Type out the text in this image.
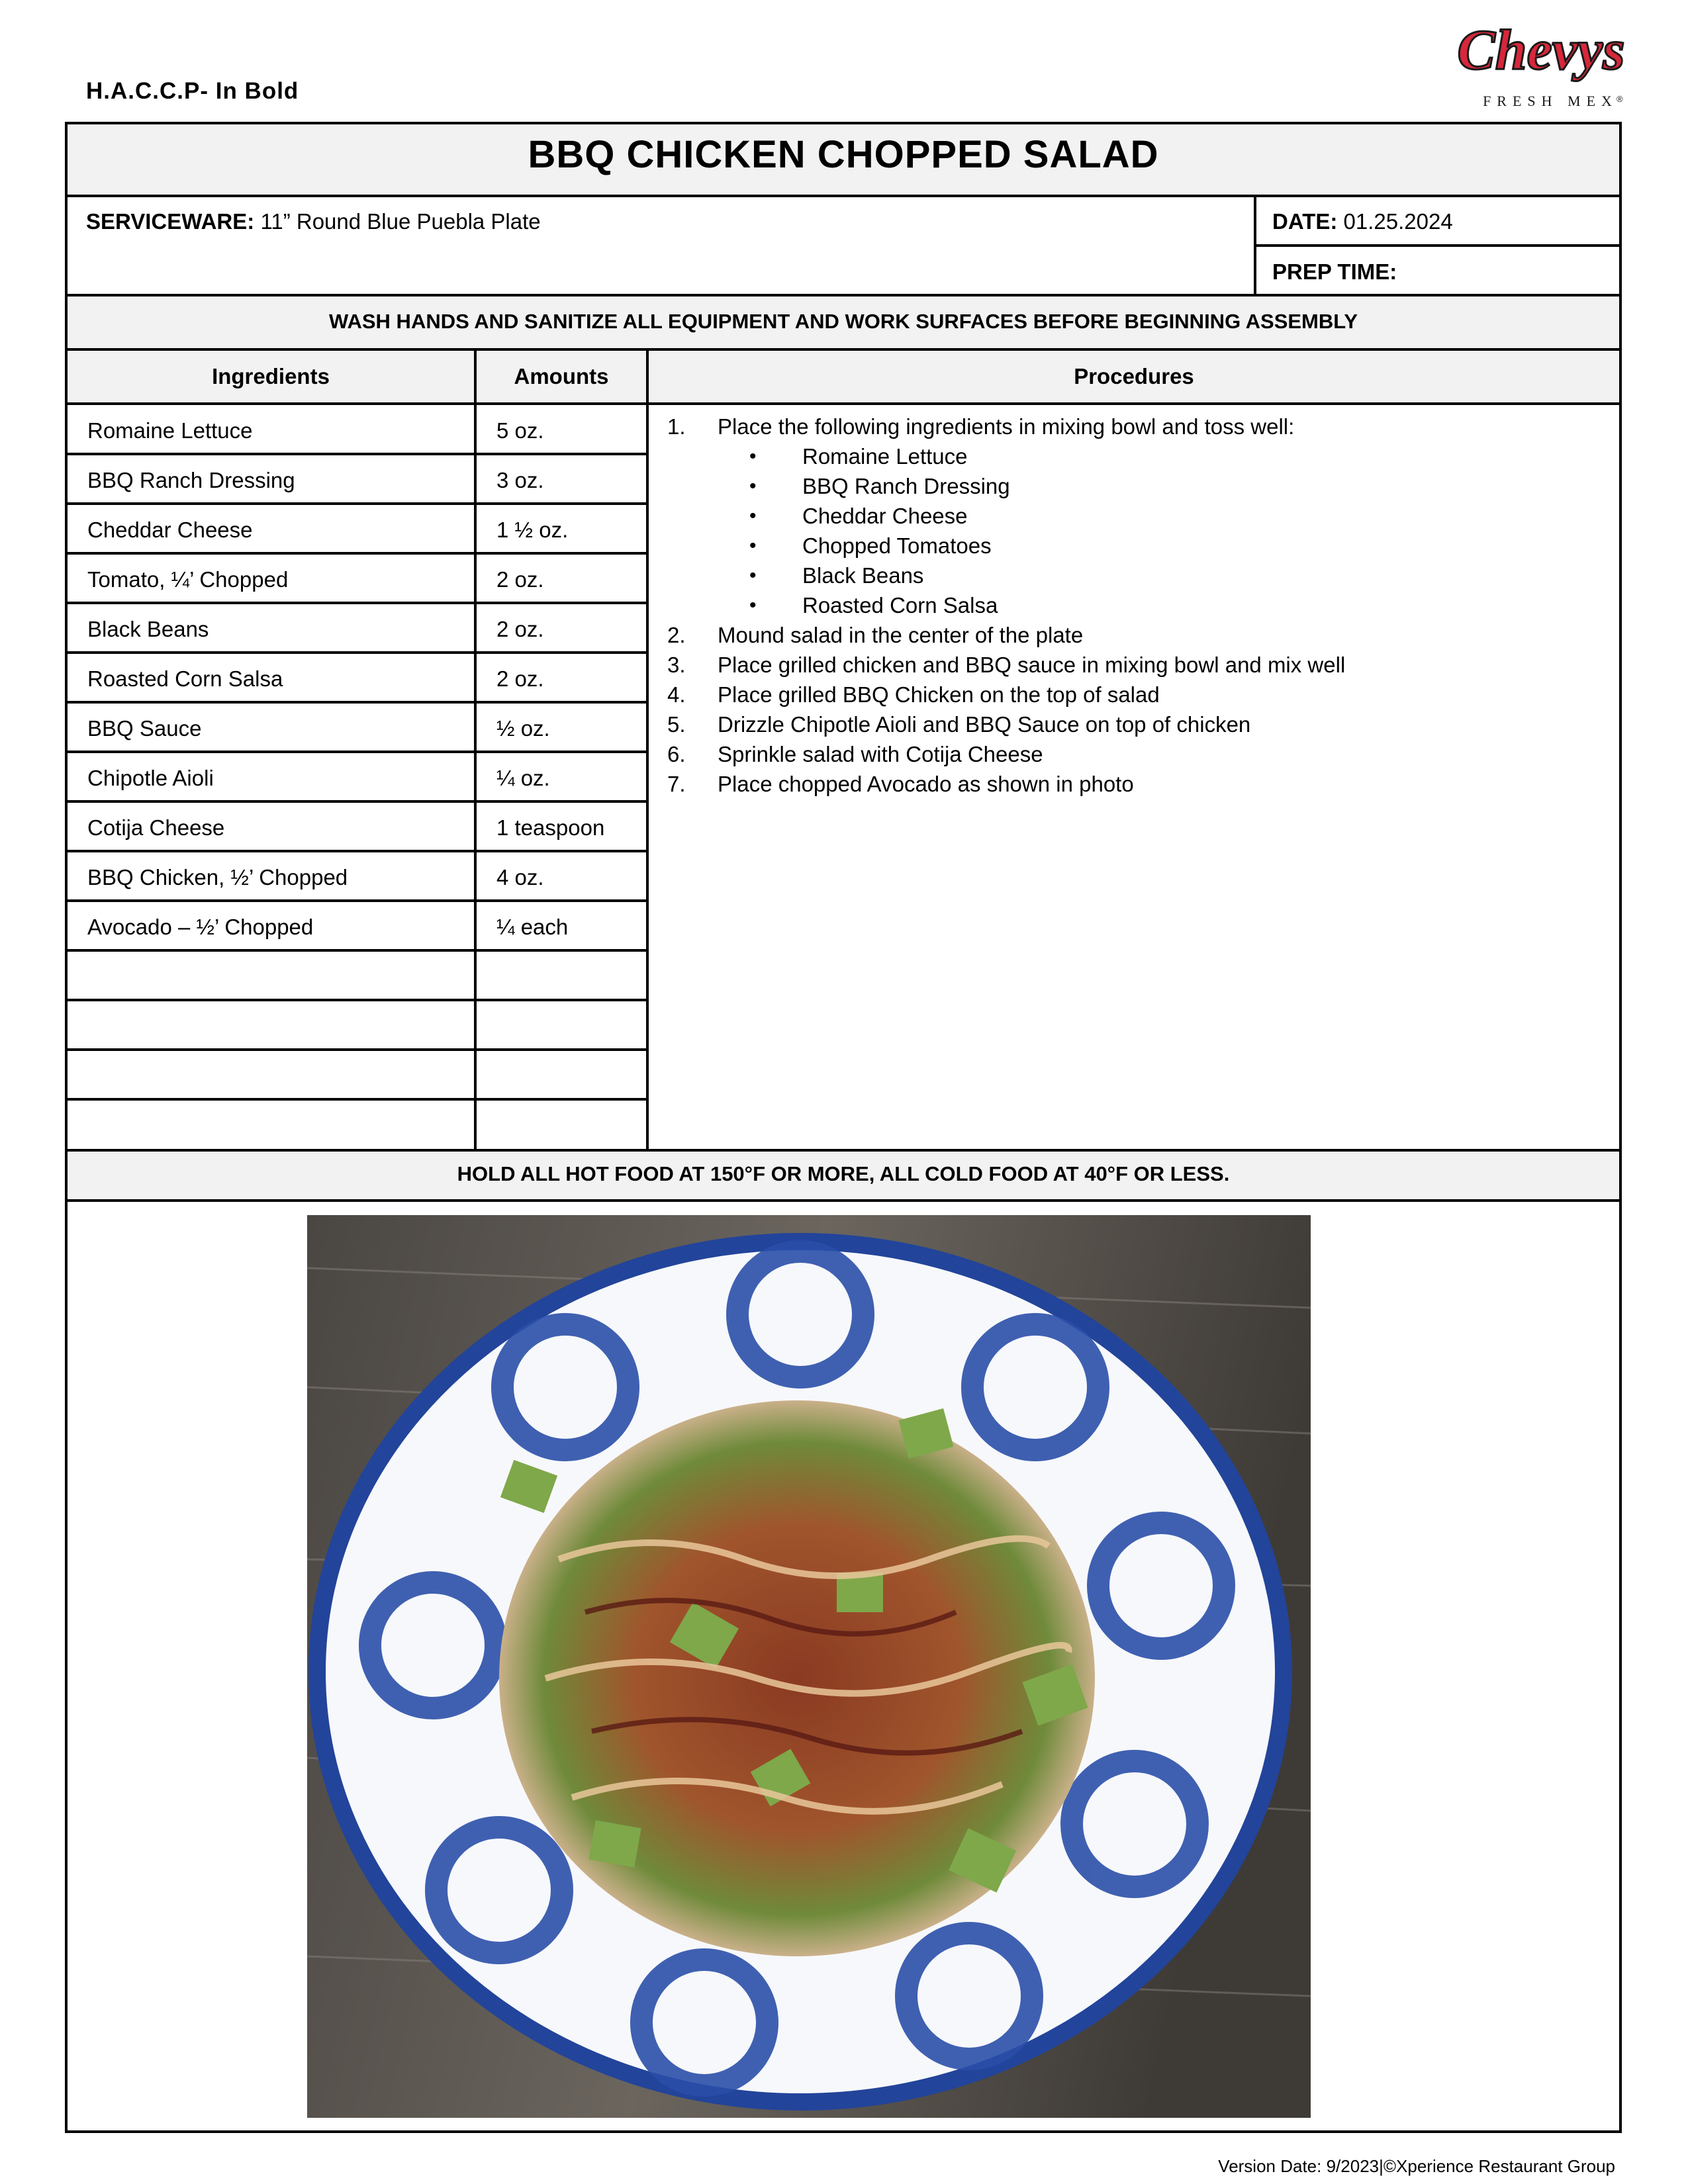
H.A.C.C.P- In Bold
Chevys
FRESH MEX
®
BBQ CHICKEN CHOPPED SALAD
SERVICEWARE: 11” Round Blue Puebla Plate	DATE: 01.25.2024
PREP TIME:
WASH HANDS AND SANITIZE ALL EQUIPMENT AND WORK SURFACES BEFORE BEGINNING ASSEMBLY
Ingredients	Amounts	Procedures
Romaine Lettuce	5 oz.
BBQ Ranch Dressing	3 oz.
Cheddar Cheese	1 ½ oz.
Tomato, ¼’ Chopped	2 oz.
Black Beans	2 oz.
Roasted Corn Salsa	2 oz.
BBQ Sauce	½ oz.
Chipotle Aioli	¼ oz.
Cotija Cheese	1 teaspoon
BBQ Chicken, ½’ Chopped	4 oz.
Avocado – ½’ Chopped	¼ each
1. Place the following ingredients in mixing bowl and toss well:
• Romaine Lettuce
• BBQ Ranch Dressing
• Cheddar Cheese
• Chopped Tomatoes
• Black Beans
• Roasted Corn Salsa
2. Mound salad in the center of the plate
3. Place grilled chicken and BBQ sauce in mixing bowl and mix well
4. Place grilled BBQ Chicken on the top of salad
5. Drizzle Chipotle Aioli and BBQ Sauce on top of chicken
6. Sprinkle salad with Cotija Cheese
7. Place chopped Avocado as shown in photo
HOLD ALL HOT FOOD AT 150°F OR MORE, ALL COLD FOOD AT 40°F OR LESS.
Version Date: 9/2023|©Xperience Restaurant Group
